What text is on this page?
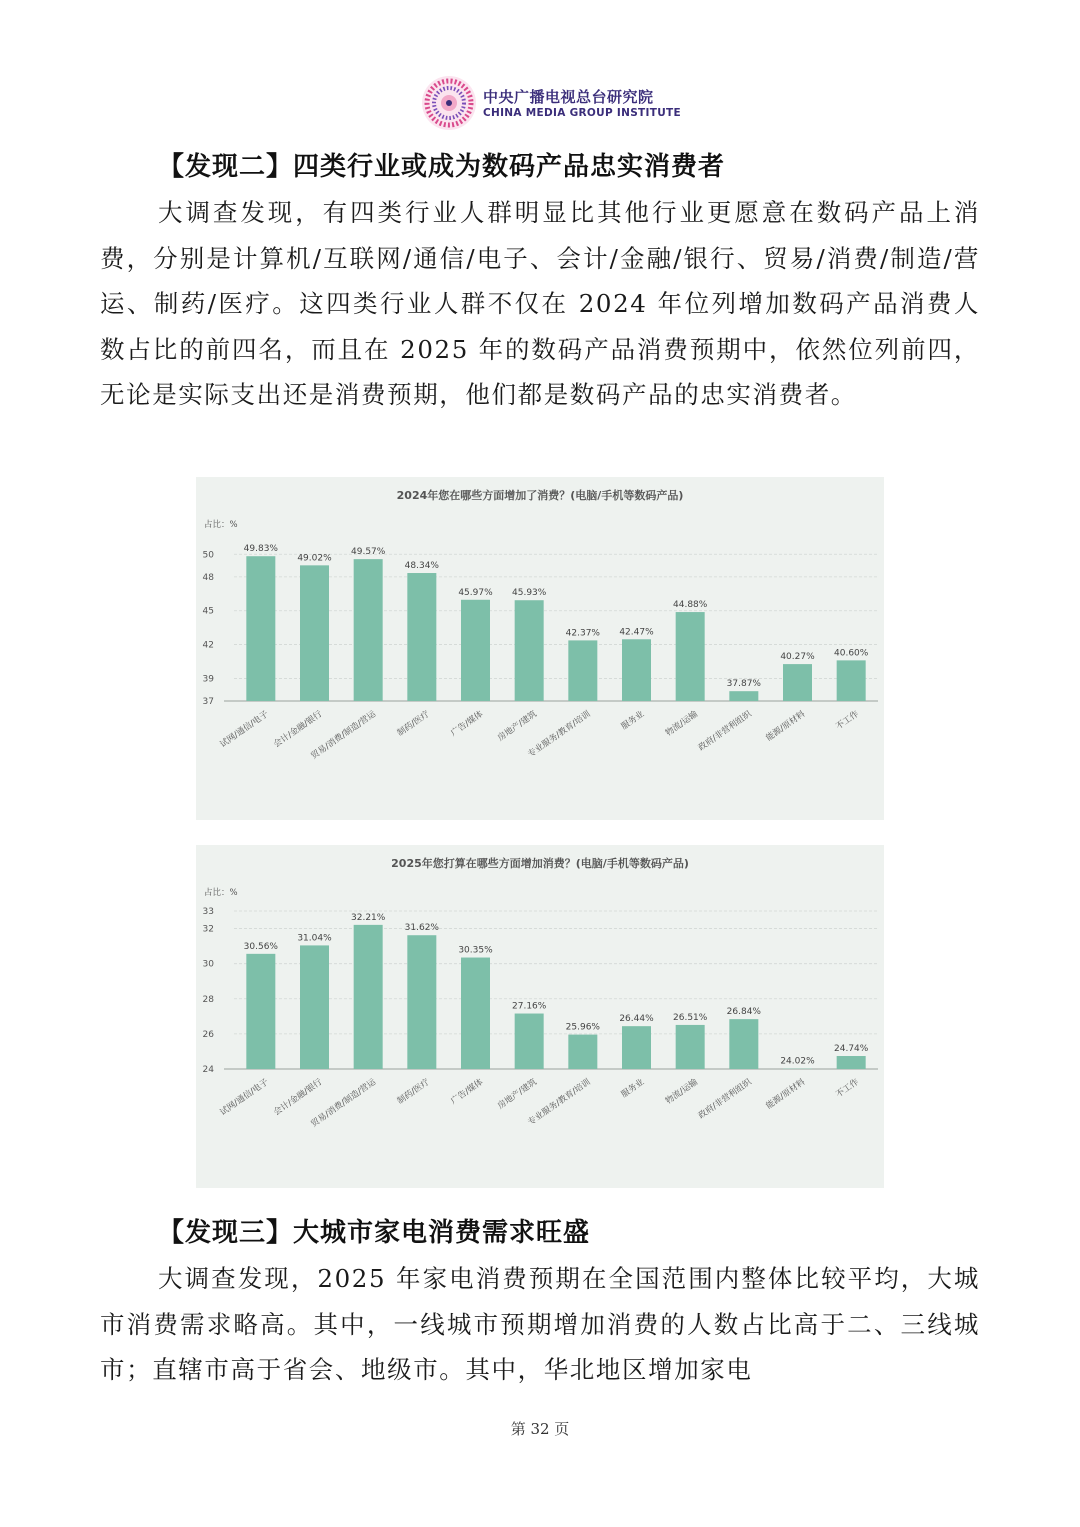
中央广播电视总台研究院
CHINA MEDIA GROUP INSTITUTE
【发现二】四类行业或成为数码产品忠实消费者

大调查发现，有四类行业人群明显比其他行业更愿意在数码产品上消费，分别是计算机/互联网/通信/电子、会计/金融/银行、贸易/消费/制造/营运、制药/医疗。这四类行业人群不仅在 2024 年位列增加数码产品消费人数占比的前四名，而且在 2025 年的数码产品消费预期中，依然位列前四，无论是实际支出还是消费预期，他们都是数码产品的忠实消费者。

2024年您在哪些方面增加了消费？(电脑/手机等数码产品)
占比：%
37
39
42
45
48
50
49.83%
试网/通信/电子
49.02%
会计/金融/银行
49.57%
贸易/消费/制造/营运
48.34%
制药/医疗
45.97%
广告/媒体
45.93%
房地产/建筑
42.37%
专业服务/教育/培训
42.47%
服务业
44.88%
物流/运输
37.87%
政府/非营利组织
40.27%
能源/原材料
40.60%
不工作
2025年您打算在哪些方面增加消费？(电脑/手机等数码产品)
占比：%
24
26
28
30
32
33
30.56%
试网/通信/电子
31.04%
会计/金融/银行
32.21%
贸易/消费/制造/营运
31.62%
制药/医疗
30.35%
广告/媒体
27.16%
房地产/建筑
25.96%
专业服务/教育/培训
26.44%
服务业
26.51%
物流/运输
26.84%
政府/非营利组织
24.02%
能源/原材料
24.74%
不工作
【发现三】大城市家电消费需求旺盛

大调查发现，2025 年家电消费预期在全国范围内整体比较平均，大城市消费需求略高。其中，一线城市预期增加消费的人数占比高于二、三线城市；直辖市高于省会、地级市。其中，华北地区增加家电

第 32 页
